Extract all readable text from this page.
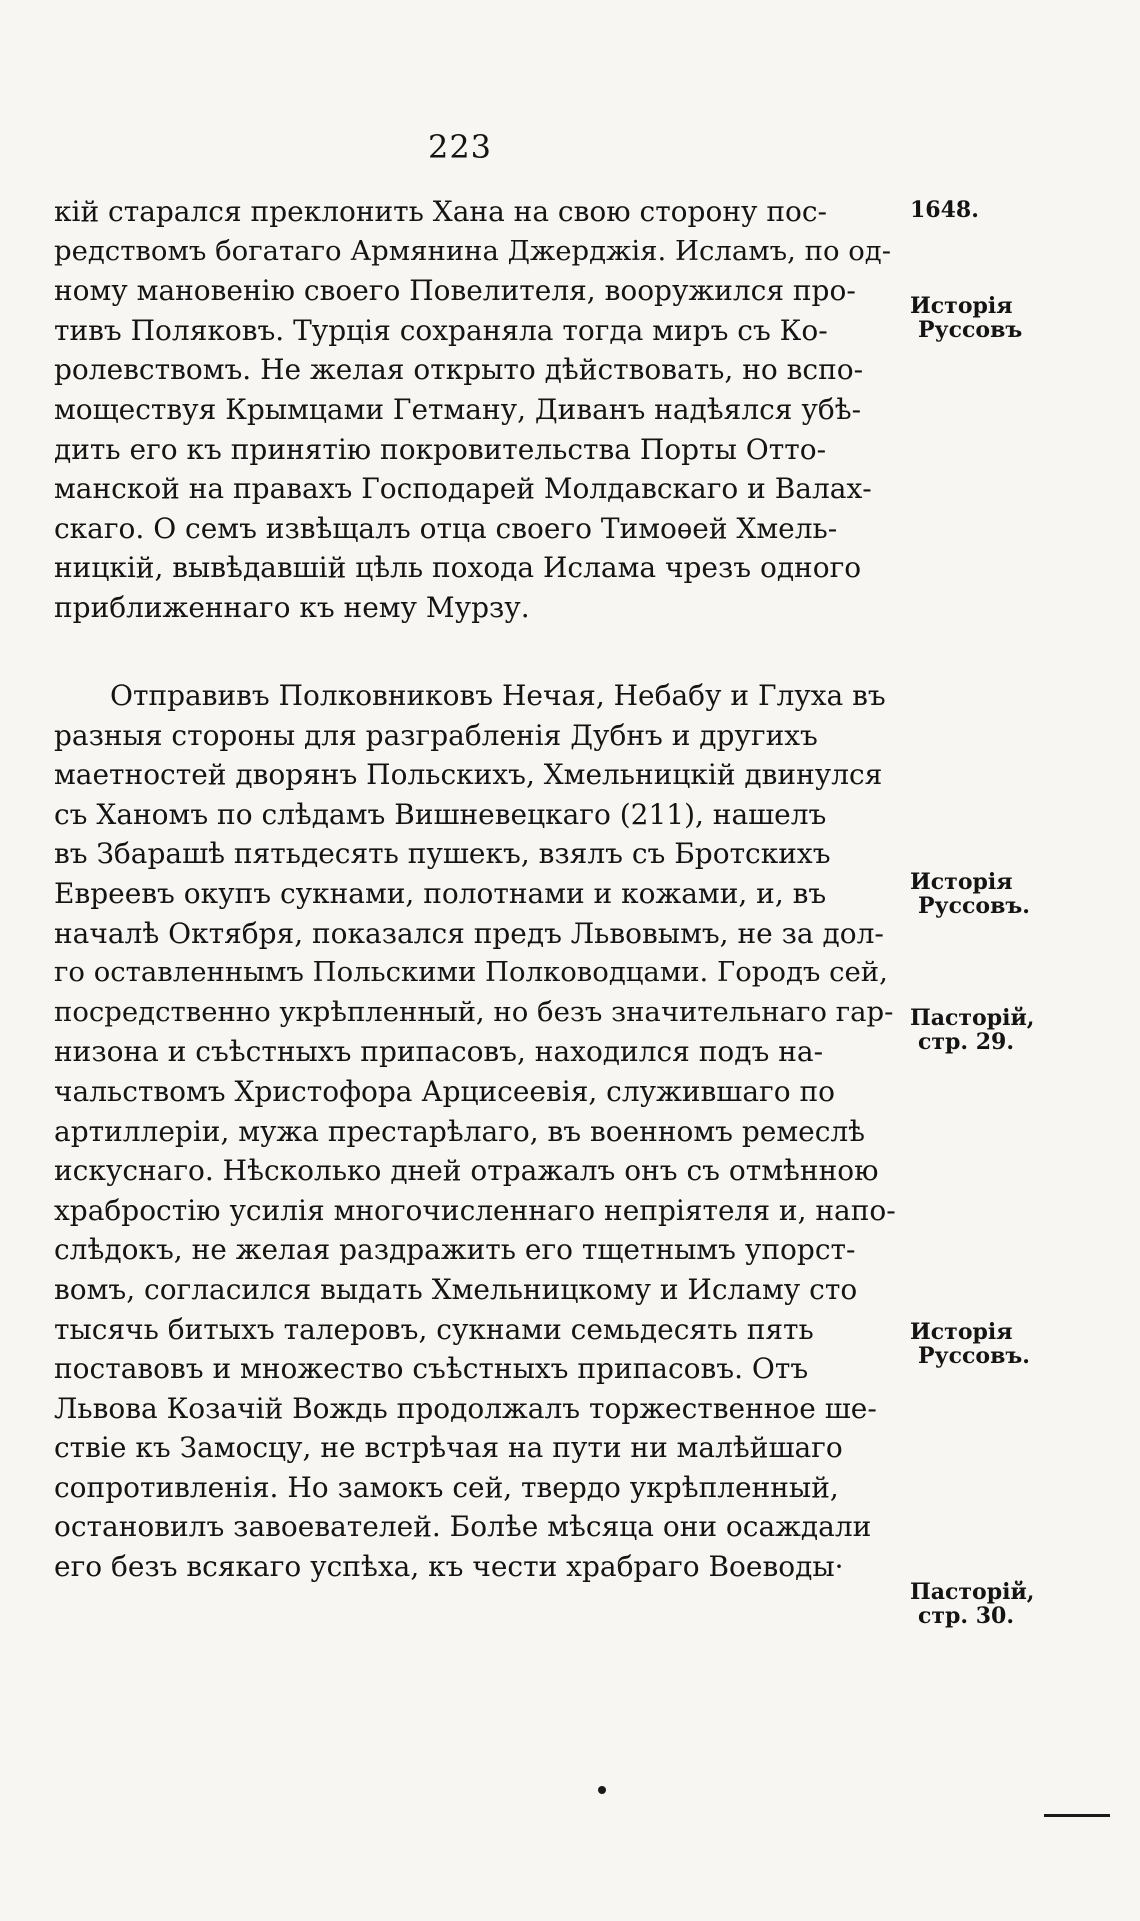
223
кій старался преклонить Хана на свою сторону пос-
редствомъ богатаго Армянина Джерджія. Исламъ, по од-
ному мановенію своего Повелителя, вооружился про-
тивъ Поляковъ. Турція сохраняла тогда миръ съ Ко-
ролевствомъ. Не желая открыто дѣйствовать, но вспо-
моществуя Крымцами Гетману, Диванъ надѣялся убѣ-
дить его къ принятію покровительства Порты Отто-
манской на правахъ Господарей Молдавскаго и Валах-
скаго. О семъ извѣщалъ отца своего Тимоѳей Хмель-
ницкій, вывѣдавшій цѣль похода Ислама чрезъ одного
приближеннаго къ нему Мурзу.
Отправивъ Полковниковъ Нечая, Небабу и Глуха въ
разныя стороны для разграбленія Дубнъ и другихъ
маетностей дворянъ Польскихъ, Хмельницкій двинулся
съ Ханомъ по слѣдамъ Вишневецкаго (211), нашелъ
въ Збарашѣ пятьдесять пушекъ, взялъ съ Бротскихъ
Евреевъ окупъ сукнами, полотнами и кожами, и, въ
началѣ Октября, показался предъ Львовымъ, не за дол-
го оставленнымъ Польскими Полководцами. Городъ сей,
посредственно укрѣпленный, но безъ значительнаго гар-
низона и съѣстныхъ припасовъ, находился подъ на-
чальствомъ Христофора Арцисеевія, служившаго по
артиллеріи, мужа престарѣлаго, въ военномъ ремеслѣ
искуснаго. Нѣсколько дней отражалъ онъ съ отмѣнною
храбростію усилія многочисленнаго непріятеля и, напо-
слѣдокъ, не желая раздражить его тщетнымъ упорст-
вомъ, согласился выдать Хмельницкому и Исламу сто
тысячь битыхъ талеровъ, сукнами семьдесять пять
поставовъ и множество съѣстныхъ припасовъ. Отъ
Львова Козачій Вождь продолжалъ торжественное ше-
ствіе къ Замосцу, не встрѣчая на пути ни малѣйшаго
сопротивленія. Но замокъ сей, твердо укрѣпленный,
остановилъ завоевателей. Болѣе мѣсяца они осаждали
его безъ всякаго успѣха, къ чести храбраго Воеводы·
1648.
Исторія
Руссовъ
Исторія
Руссовъ.
Пасторій,
стр. 29.
Исторія
Руссовъ.
Пасторій,
стр. 30.
